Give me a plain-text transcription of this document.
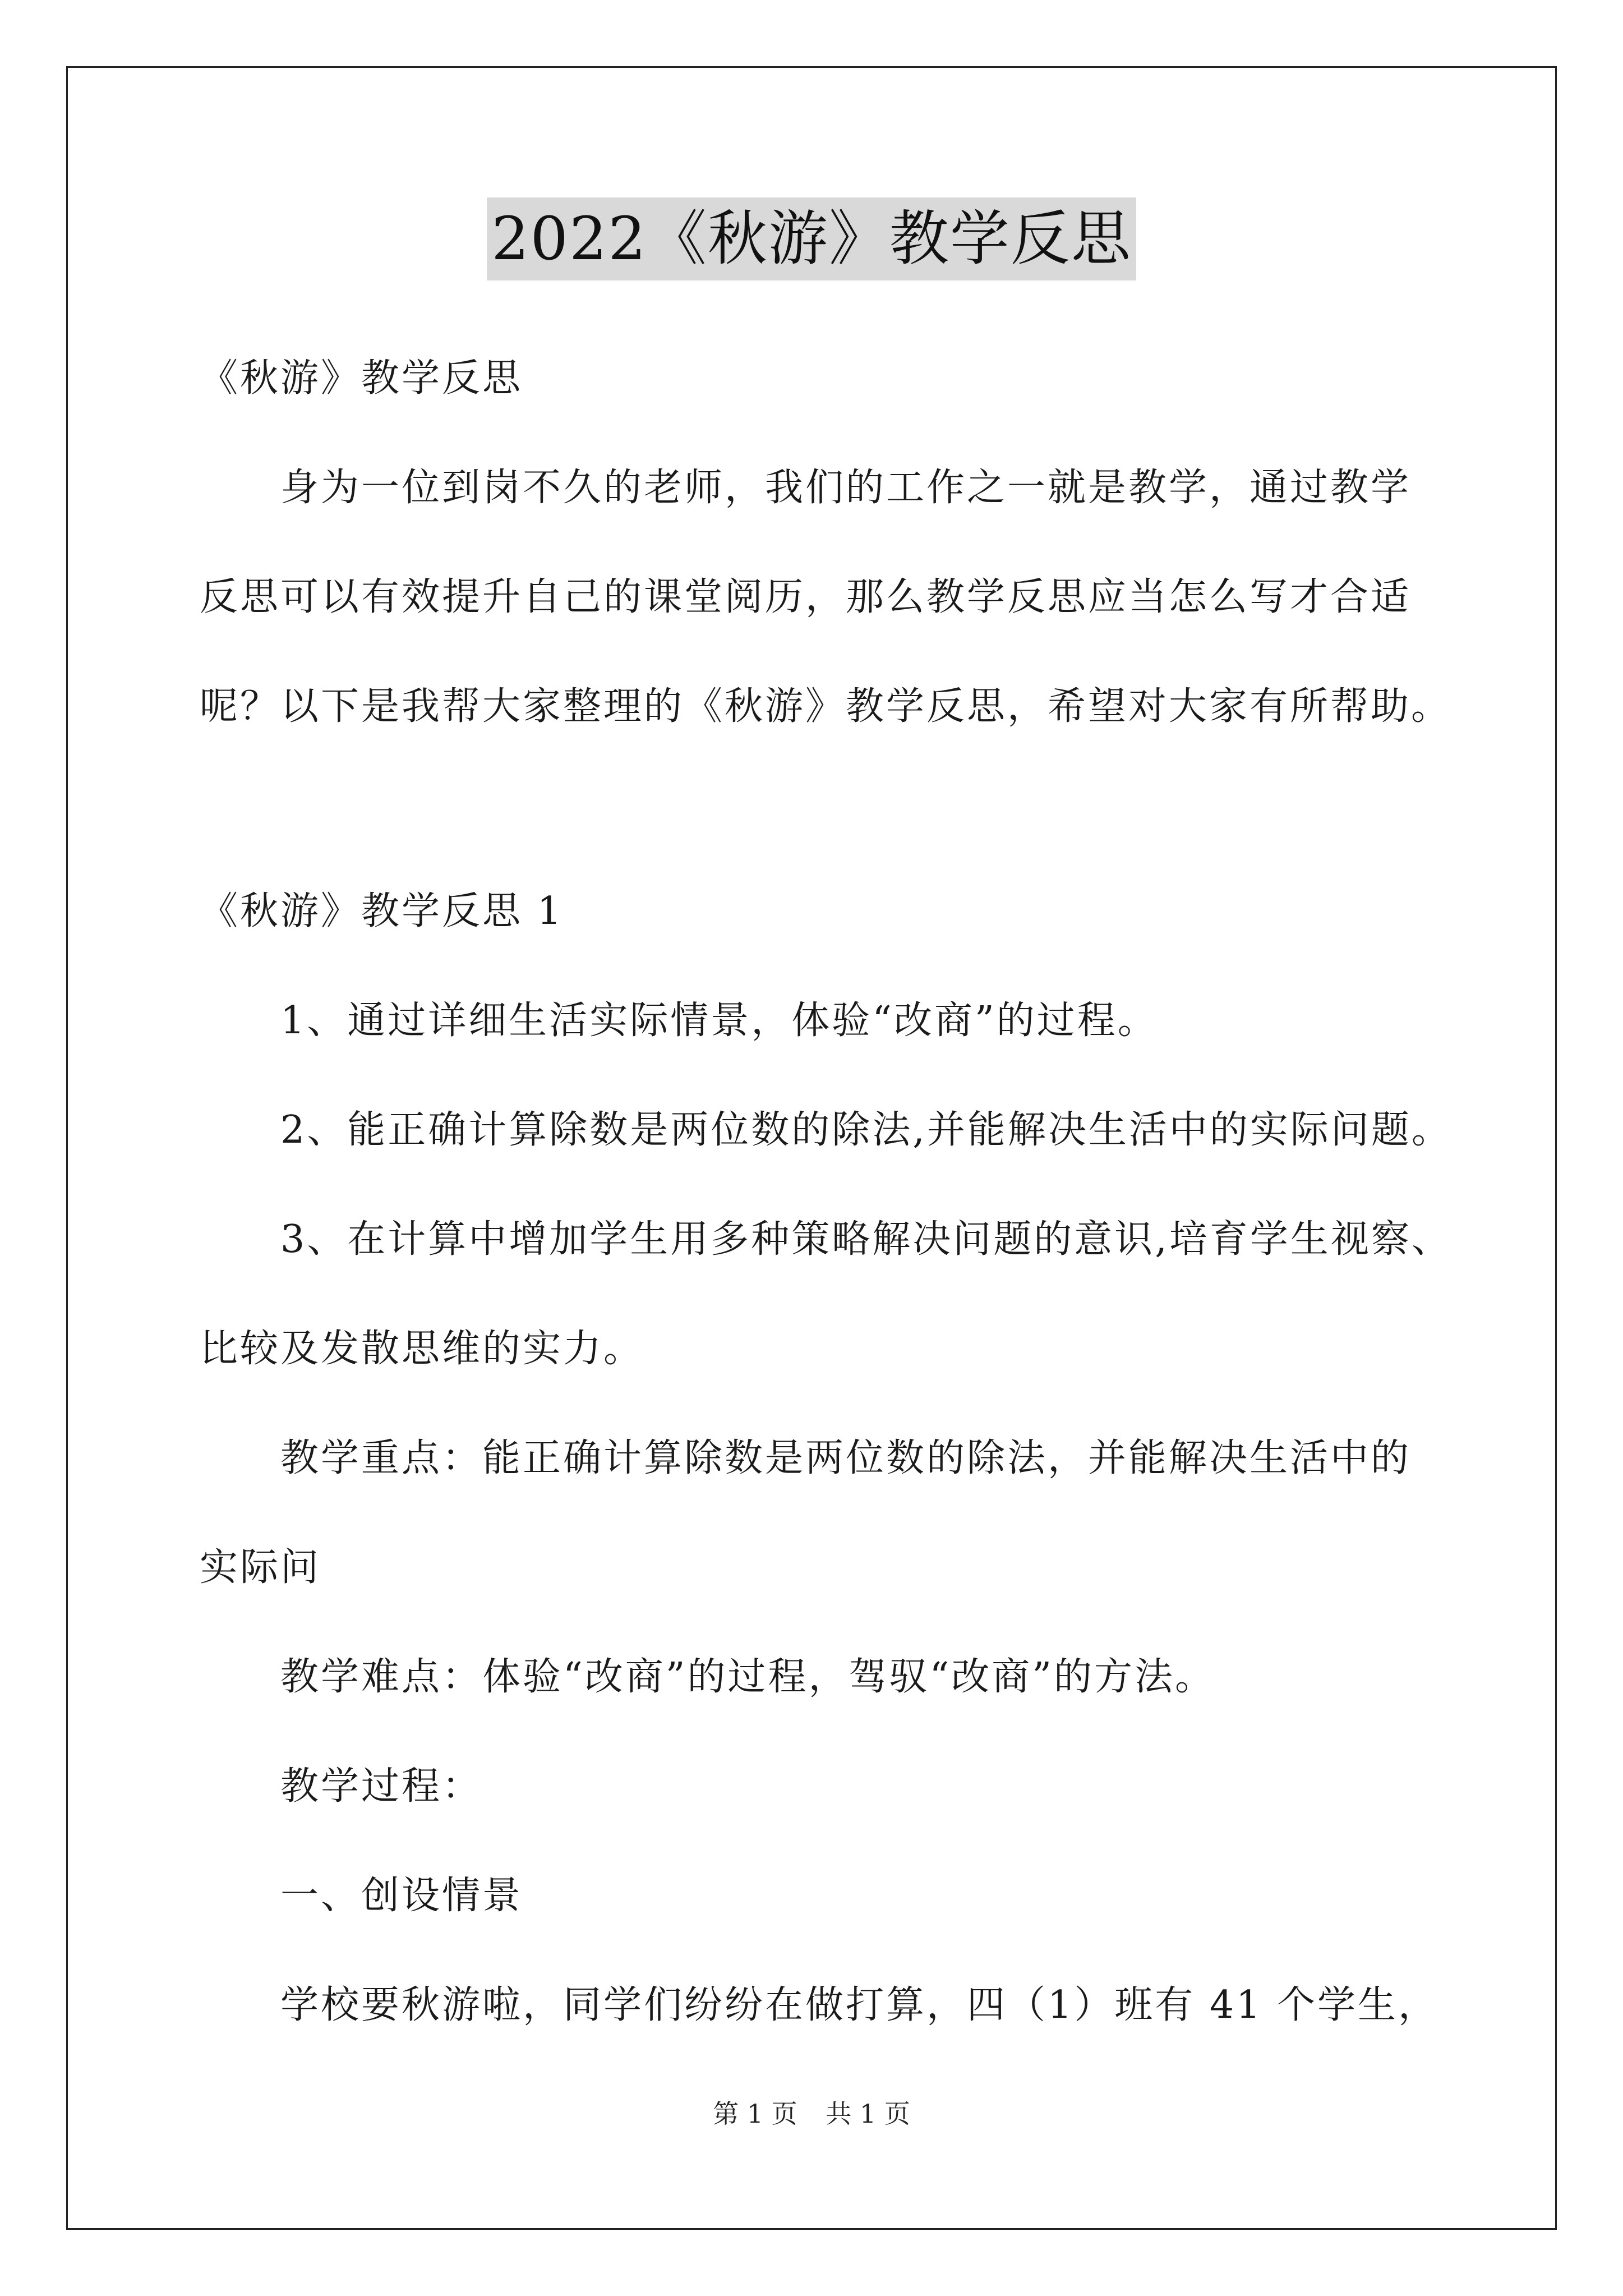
2022《秋游》教学反思
《秋游》教学反思
身为一位到岗不久的老师，我们的工作之一就是教学，通过教学
反思可以有效提升自己的课堂阅历，那么教学反思应当怎么写才合适
呢？以下是我帮大家整理的《秋游》教学反思，希望对大家有所帮助。
《秋游》教学反思 1
1、通过详细生活实际情景，体验“改商”的过程。
2、能正确计算除数是两位数的除法,并能解决生活中的实际问题。
3、在计算中增加学生用多种策略解决问题的意识,培育学生视察、
比较及发散思维的实力。
教学重点：能正确计算除数是两位数的除法，并能解决生活中的
实际问
教学难点：体验“改商”的过程，驾驭“改商”的方法。
教学过程：
一、创设情景
学校要秋游啦，同学们纷纷在做打算，四（1）班有 41 个学生，
第 1 页 共 1 页
